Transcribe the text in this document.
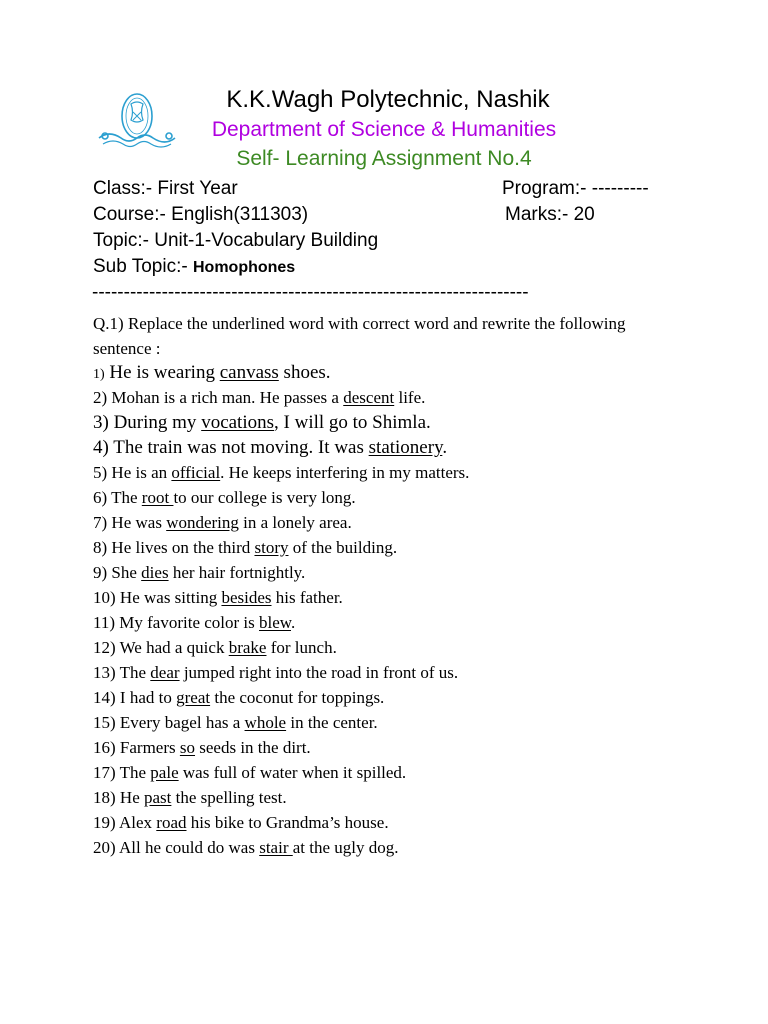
K.K.Wagh Polytechnic, Nashik
Department of Science & Humanities
Self- Learning Assignment No.4
Class:- First Year	Program:- ---------
Course:- English(311303)	Marks:- 20
Topic:- Unit-1-Vocabulary Building
Sub Topic:- Homophones
---------------------------------------------------------------------
Q.1) Replace the underlined word with correct word and rewrite the following sentence :
1) He is wearing canvass shoes.
2) Mohan is a rich man. He passes a descent life.
3) During my vocations, I will go to Shimla.
4) The train was not moving. It was stationery.
5) He is an official. He keeps interfering in my matters.
6) The root to our college is very long.
7) He was wondering in a lonely area.
8) He lives on the third story of the building.
9) She dies her hair fortnightly.
10) He was sitting besides his father.
11) My favorite color is blew.
12) We had a quick brake for lunch.
13) The dear jumped right into the road in front of us.
14) I had to great the coconut for toppings.
15) Every bagel has a whole in the center.
16) Farmers so seeds in the dirt.
17) The pale was full of water when it spilled.
18) He past the spelling test.
19) Alex road his bike to Grandma’s house.
20) All he could do was stair at the ugly dog.
